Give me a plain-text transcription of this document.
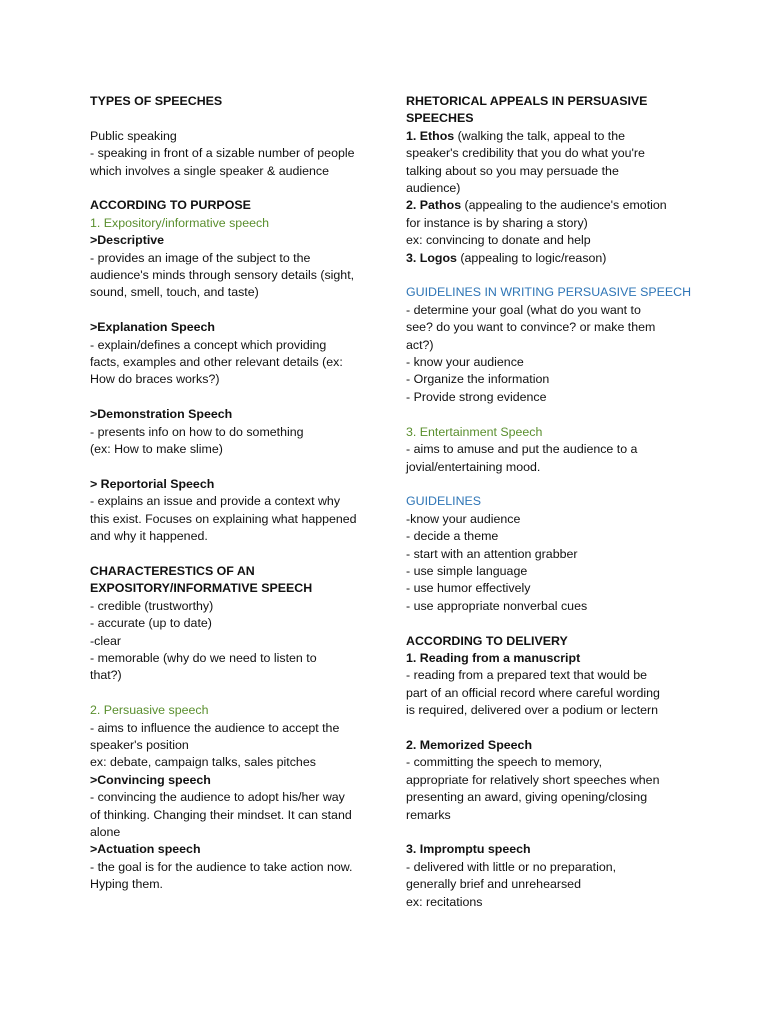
TYPES OF SPEECHES
Public speaking
- speaking in front of a sizable number of people
which involves a single speaker & audience
ACCORDING TO PURPOSE
1. Expository/informative speech
>Descriptive
- provides an image of the subject to the
audience's minds through sensory details (sight,
sound, smell, touch, and taste)
>Explanation Speech
- explain/defines a concept which providing
facts, examples and other relevant details (ex:
How do braces works?)
>Demonstration Speech
- presents info on how to do something
(ex: How to make slime)
> Reportorial Speech
- explains an issue and provide a context why
this exist. Focuses on explaining what happened
and why it happened.
CHARACTERESTICS OF AN
EXPOSITORY/INFORMATIVE SPEECH
- credible (trustworthy)
- accurate (up to date)
-clear
- memorable (why do we need to listen to
that?)
2. Persuasive speech
- aims to influence the audience to accept the
speaker's position
ex: debate, campaign talks, sales pitches
>Convincing speech
- convincing the audience to adopt his/her way
of thinking. Changing their mindset. It can stand
alone
>Actuation speech
- the goal is for the audience to take action now.
Hyping them.
RHETORICAL APPEALS IN PERSUASIVE
SPEECHES
1. Ethos (walking the talk, appeal to the
speaker's credibility that you do what you're
talking about so you may persuade the
audience)
2. Pathos (appealing to the audience's emotion
for instance is by sharing a story)
ex: convincing to donate and help
3. Logos (appealing to logic/reason)
GUIDELINES IN WRITING PERSUASIVE SPEECH
- determine your goal (what do you want to
see? do you want to convince? or make them
act?)
- know your audience
- Organize the information
- Provide strong evidence
3. Entertainment Speech
- aims to amuse and put the audience to a
jovial/entertaining mood.
GUIDELINES
-know your audience
- decide a theme
- start with an attention grabber
- use simple language
- use humor effectively
- use appropriate nonverbal cues
ACCORDING TO DELIVERY
1. Reading from a manuscript
- reading from a prepared text that would be
part of an official record where careful wording
is required, delivered over a podium or lectern
2. Memorized Speech
- committing the speech to memory,
appropriate for relatively short speeches when
presenting an award, giving opening/closing
remarks
3. Impromptu speech
- delivered with little or no preparation,
generally brief and unrehearsed
ex: recitations
